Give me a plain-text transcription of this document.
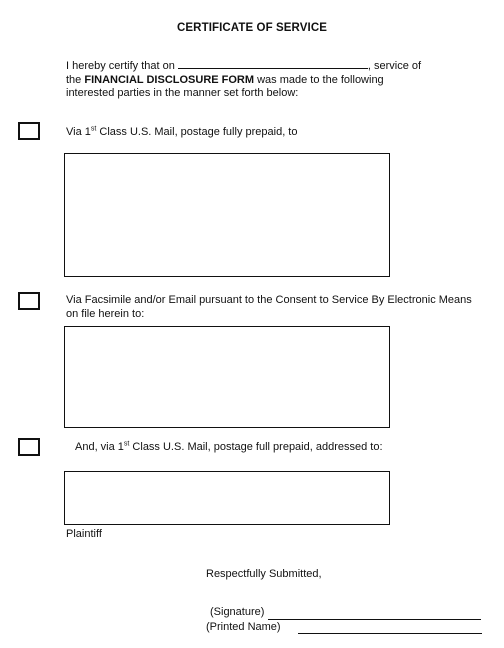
CERTIFICATE OF SERVICE
I hereby certify that on	, service of
the FINANCIAL DISCLOSURE FORM was made to the following
interested parties in the manner set forth below:
Via 1st Class U.S. Mail, postage fully prepaid, to
Via Facsimile and/or Email pursuant to the Consent to Service By Electronic Means
on file herein to:
And, via 1st Class U.S. Mail, postage full prepaid, addressed to:
Plaintiff
Respectfully Submitted,
(Signature)
(Printed Name)
